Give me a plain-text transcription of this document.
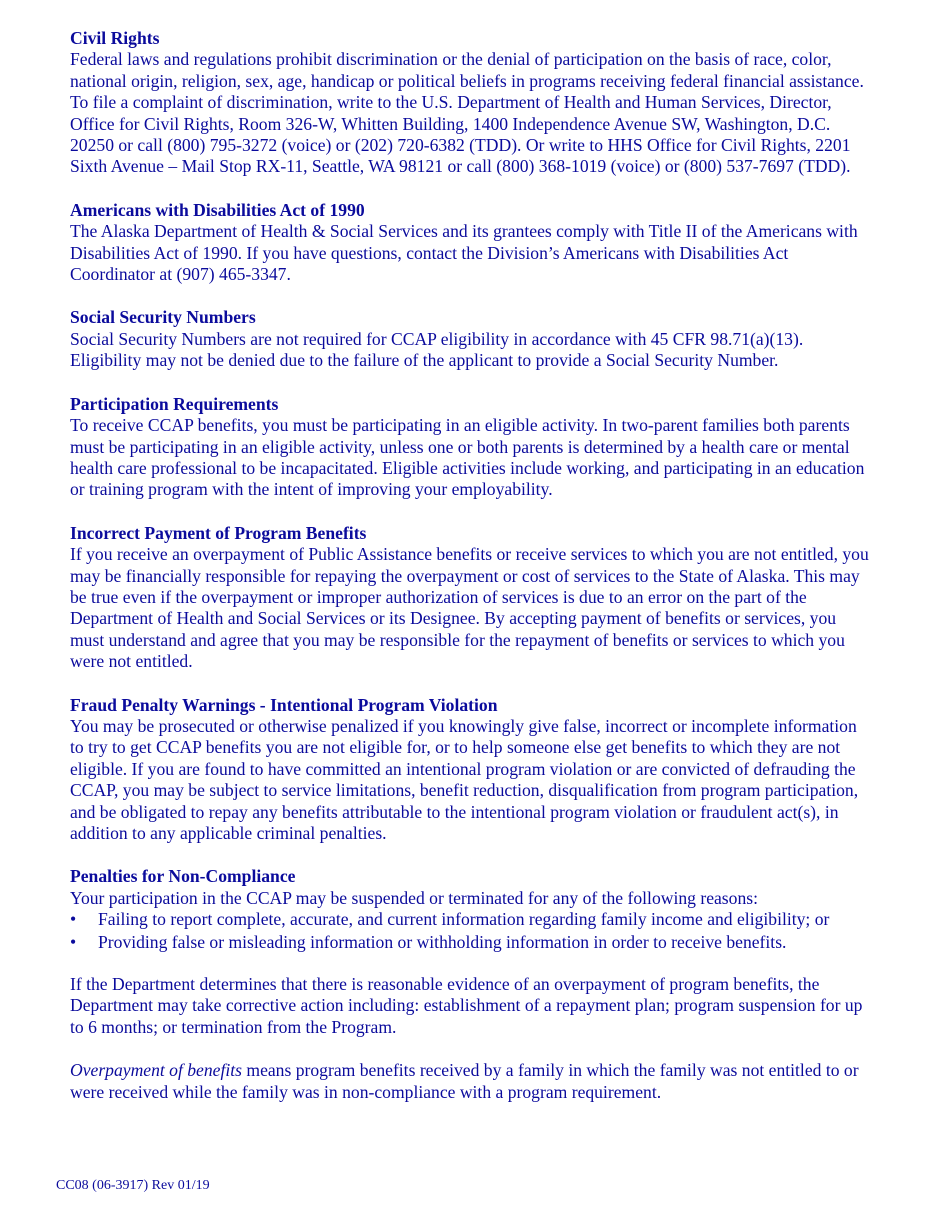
Civil Rights

Federal laws and regulations prohibit discrimination or the denial of participation on the basis of race, color, national origin, religion, sex, age, handicap or political beliefs in programs receiving federal financial assistance. To file a complaint of discrimination, write to the U.S. Department of Health and Human Services, Director, Office for Civil Rights, Room 326-W, Whitten Building, 1400 Independence Avenue SW, Washington, D.C. 20250 or call (800) 795-3272 (voice) or (202) 720-6382 (TDD). Or write to HHS Office for Civil Rights, 2201 Sixth Avenue – Mail Stop RX-11, Seattle, WA 98121 or call (800) 368-1019 (voice) or (800) 537-7697 (TDD).

Americans with Disabilities Act of 1990

The Alaska Department of Health & Social Services and its grantees comply with Title II of the Americans with Disabilities Act of 1990. If you have questions, contact the Division’s Americans with Disabilities Act Coordinator at (907) 465-3347.

Social Security Numbers

Social Security Numbers are not required for CCAP eligibility in accordance with 45 CFR 98.71(a)(13). Eligibility may not be denied due to the failure of the applicant to provide a Social Security Number.

Participation Requirements

To receive CCAP benefits, you must be participating in an eligible activity. In two-parent families both parents must be participating in an eligible activity, unless one or both parents is determined by a health care or mental health care professional to be incapacitated. Eligible activities include working, and participating in an education or training program with the intent of improving your employability.

Incorrect Payment of Program Benefits

If you receive an overpayment of Public Assistance benefits or receive services to which you are not entitled, you may be financially responsible for repaying the overpayment or cost of services to the State of Alaska. This may be true even if the overpayment or improper authorization of services is due to an error on the part of the Department of Health and Social Services or its Designee. By accepting payment of benefits or services, you must understand and agree that you may be responsible for the repayment of benefits or services to which you were not entitled.

Fraud Penalty Warnings - Intentional Program Violation

You may be prosecuted or otherwise penalized if you knowingly give false, incorrect or incomplete information to try to get CCAP benefits you are not eligible for, or to help someone else get benefits to which they are not eligible. If you are found to have committed an intentional program violation or are convicted of defrauding the CCAP, you may be subject to service limitations, benefit reduction, disqualification from program participation, and be obligated to repay any benefits attributable to the intentional program violation or fraudulent act(s), in addition to any applicable criminal penalties.

Penalties for Non-Compliance

Your participation in the CCAP may be suspended or terminated for any of the following reasons:

• Failing to report complete, accurate, and current information regarding family income and eligibility; or
• Providing false or misleading information or withholding information in order to receive benefits.

If the Department determines that there is reasonable evidence of an overpayment of program benefits, the Department may take corrective action including: establishment of a repayment plan; program suspension for up to 6 months; or termination from the Program.

Overpayment of benefits means program benefits received by a family in which the family was not entitled to or were received while the family was in non-compliance with a program requirement.

CC08 (06-3917) Rev 01/19
